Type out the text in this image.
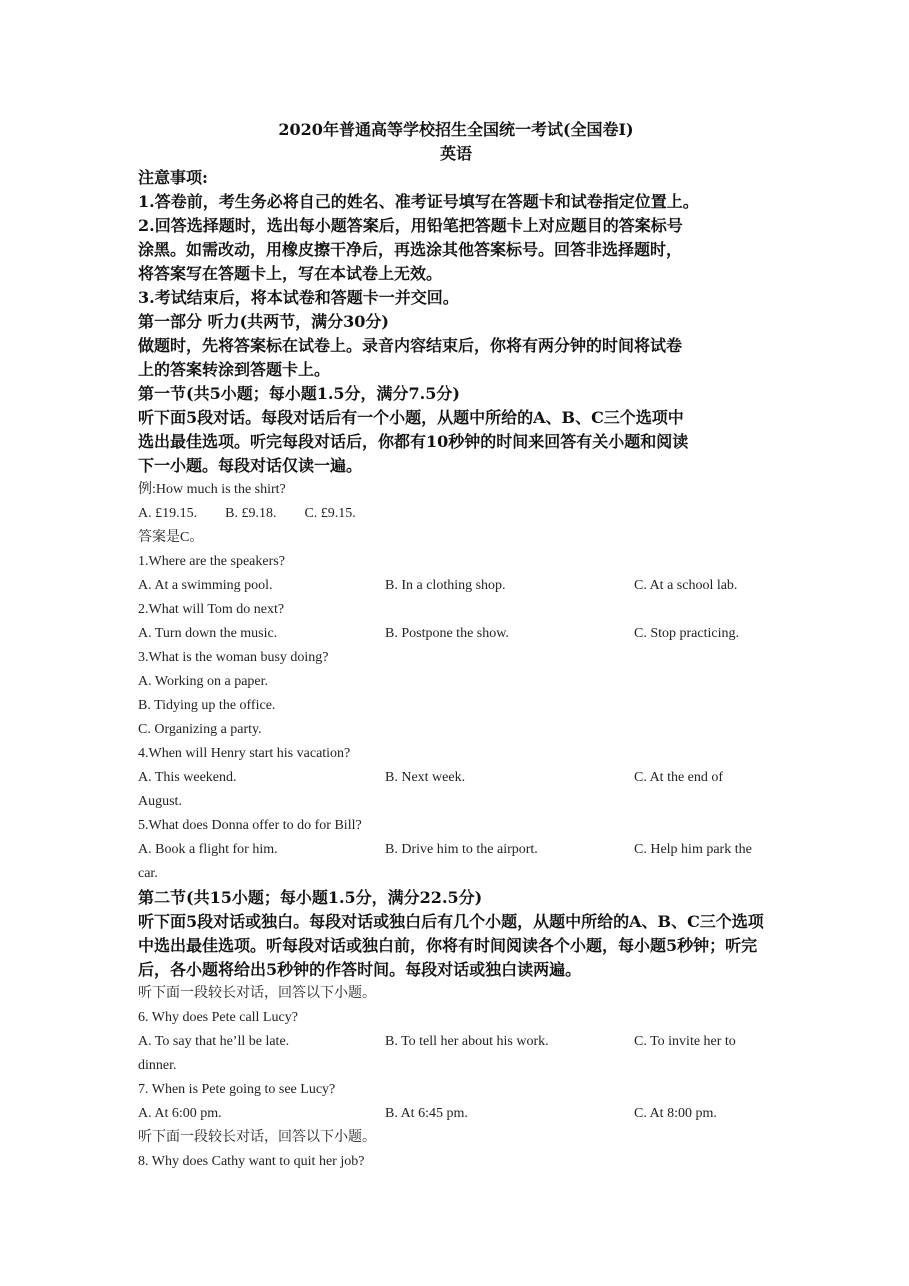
2020年普通高等学校招生全国统一考试(全国卷I)
英语
注意事项:
1.答卷前，考生务必将自己的姓名、准考证号填写在答题卡和试卷指定位置上。
2.回答选择题时，选出每小题答案后，用铅笔把答题卡上对应题目的答案标号
涂黑。如需改动，用橡皮擦干净后，再选涂其他答案标号。回答非选择题时，
将答案写在答题卡上，写在本试卷上无效。
3.考试结束后，将本试卷和答题卡一并交回。
第一部分 听力(共两节，满分30分)
做题时，先将答案标在试卷上。录音内容结束后，你将有两分钟的时间将试卷
上的答案转涂到答题卡上。
第一节(共5小题；每小题1.5分，满分7.5分)
听下面5段对话。每段对话后有一个小题，从题中所给的A、B、C三个选项中
选出最佳选项。听完每段对话后，你都有10秒钟的时间来回答有关小题和阅读
下一小题。每段对话仅读一遍。
例:How much is the shirt?
A. £19.15. B. £9.18. C. £9.15.
答案是C。
1.Where are the speakers?
A. At a swimming pool.	B. In a clothing shop.	C. At a school lab.
2.What will Tom do next?
A. Turn down the music.	B. Postpone the show.	C. Stop practicing.
3.What is the woman busy doing?
A. Working on a paper.
B. Tidying up the office.
C. Organizing a party.
4.When will Henry start his vacation?
A. This weekend.	B. Next week.	C. At the end of
August.
5.What does Donna offer to do for Bill?
A. Book a flight for him.	B. Drive him to the airport.	C. Help him park the
car.
第二节(共15小题；每小题1.5分，满分22.5分)
听下面5段对话或独白。每段对话或独白后有几个小题，从题中所给的A、B、C三个选项
中选出最佳选项。听每段对话或独白前，你将有时间阅读各个小题，每小题5秒钟；听完
后，各小题将给出5秒钟的作答时间。每段对话或独白读两遍。
听下面一段较长对话，回答以下小题。
6. Why does Pete call Lucy?
A. To say that he’ll be late.	B. To tell her about his work.	C. To invite her to
dinner.
7. When is Pete going to see Lucy?
A. At 6:00 pm.	B. At 6:45 pm.	C. At 8:00 pm.
听下面一段较长对话，回答以下小题。
8. Why does Cathy want to quit her job?
